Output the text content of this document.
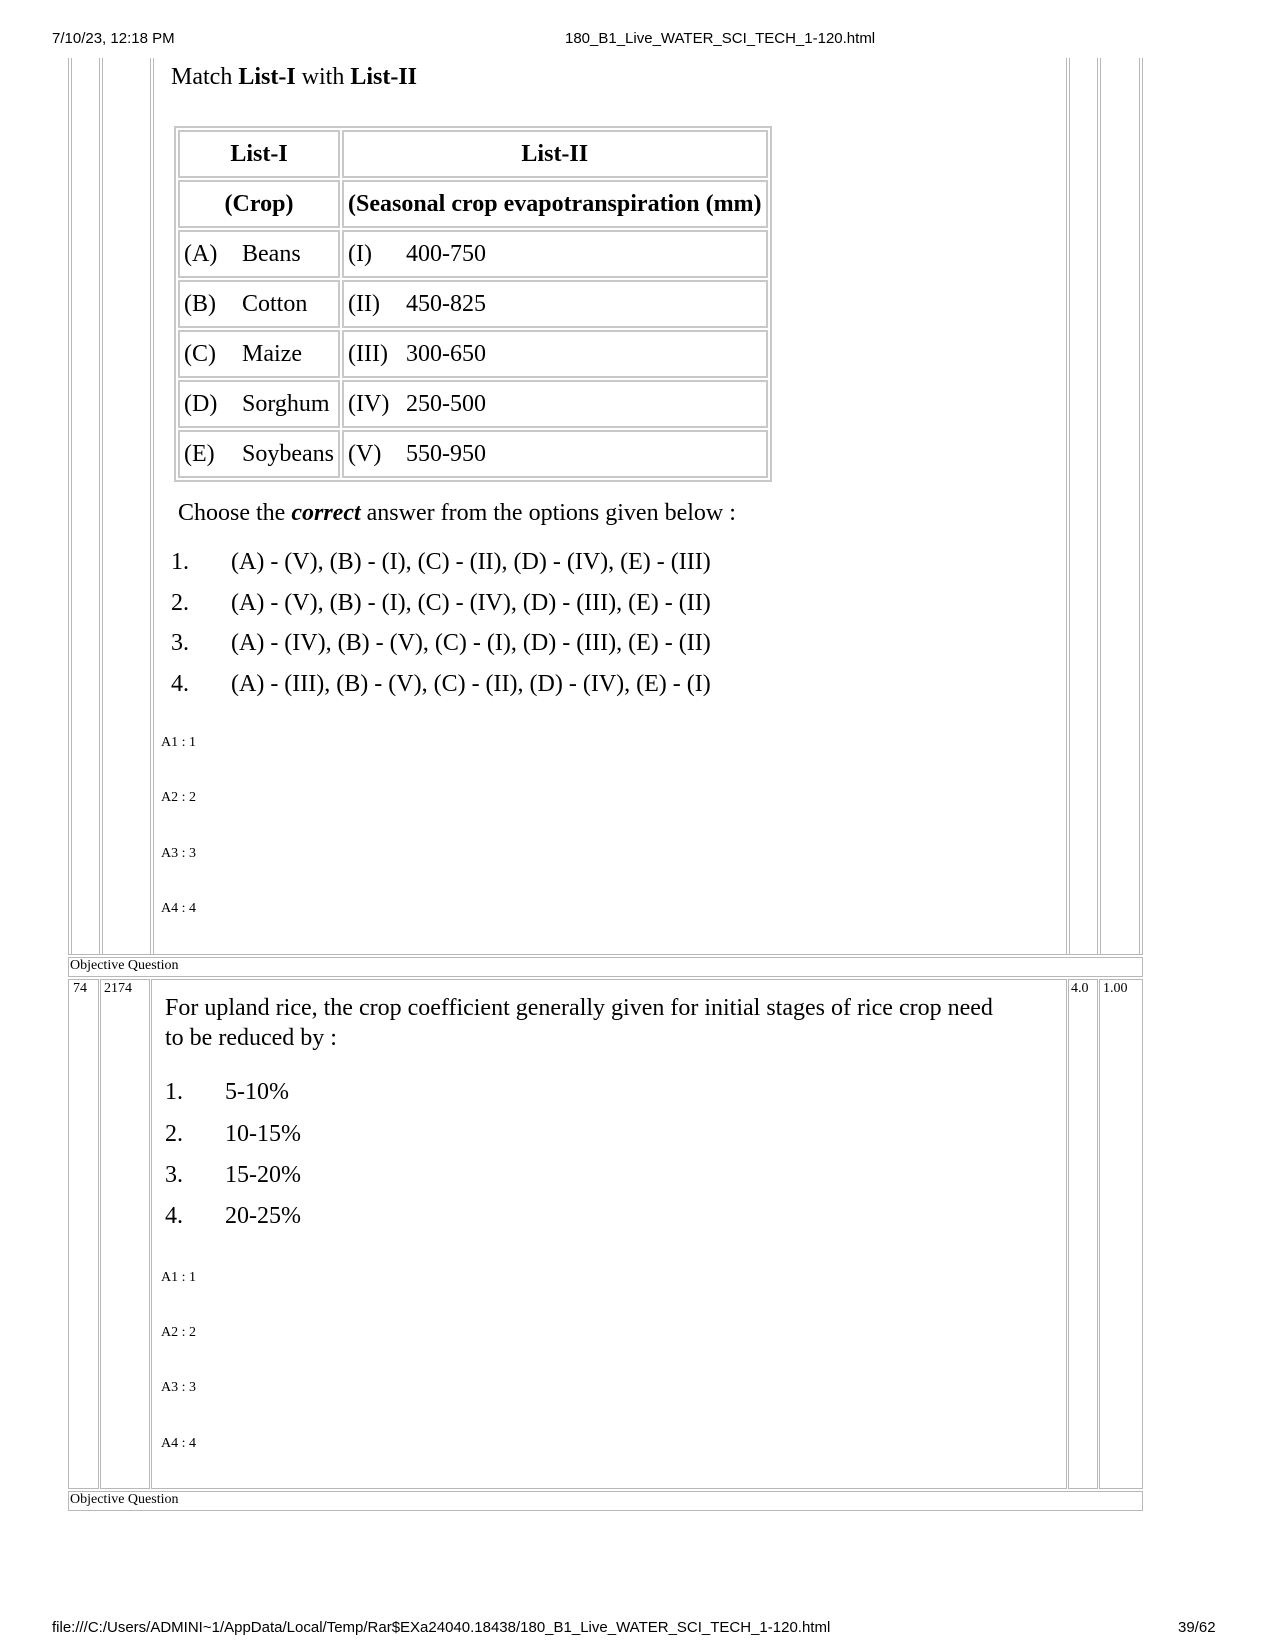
7/10/23, 12:18 PM	180_B1_Live_WATER_SCI_TECH_1-120.html
file:///C:/Users/ADMINI~1/AppData/Local/Temp/Rar$EXa24040.18438/180_B1_Live_WATER_SCI_TECH_1-120.html	39/62
Match List-I with List-II
List-I	List-II
(Crop)	(Seasonal crop evapotranspiration (mm)
(A) Beans	(I) 400-750
(B) Cotton	(II) 450-825
(C) Maize	(III) 300-650
(D) Sorghum	(IV) 250-500
(E) Soybeans	(V) 550-950
Choose the correct answer from the options given below :
1. (A) - (V), (B) - (I), (C) - (II), (D) - (IV), (E) - (III)
2. (A) - (V), (B) - (I), (C) - (IV), (D) - (III), (E) - (II)
3. (A) - (IV), (B) - (V), (C) - (I), (D) - (III), (E) - (II)
4. (A) - (III), (B) - (V), (C) - (II), (D) - (IV), (E) - (I)
A1 : 1
A2 : 2
A3 : 3
A4 : 4
Objective Question
74 2174	4.0 1.00
For upland rice, the crop coefficient generally given for initial stages of rice crop need
to be reduced by :
1. 5-10%
2. 10-15%
3. 15-20%
4. 20-25%
A1 : 1
A2 : 2
A3 : 3
A4 : 4
Objective Question
